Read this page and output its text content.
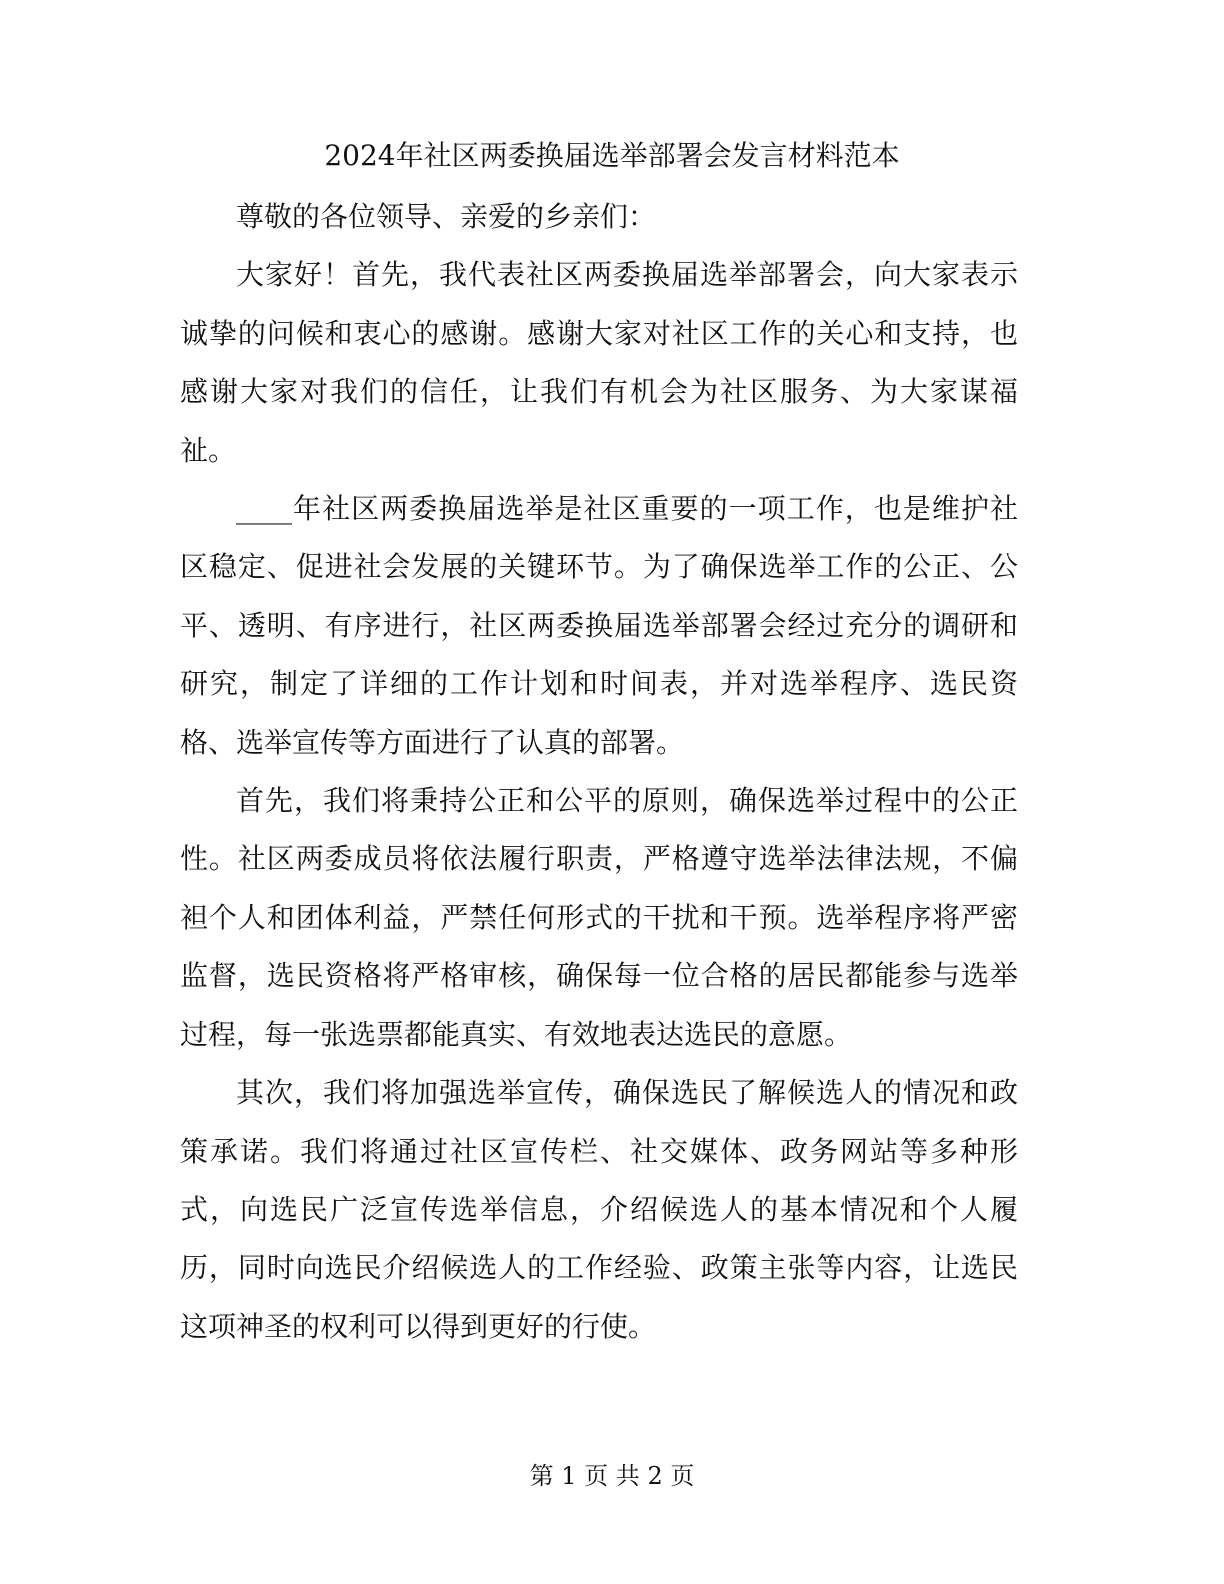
2024年社区两委换届选举部署会发言材料范本

尊敬的各位领导、亲爱的乡亲们：

大家好！首先，我代表社区两委换届选举部署会，向大家表示诚挚的问候和衷心的感谢。感谢大家对社区工作的关心和支持，也感谢大家对我们的信任，让我们有机会为社区服务、为大家谋福祉。

____年社区两委换届选举是社区重要的一项工作，也是维护社区稳定、促进社会发展的关键环节。为了确保选举工作的公正、公平、透明、有序进行，社区两委换届选举部署会经过充分的调研和研究，制定了详细的工作计划和时间表，并对选举程序、选民资格、选举宣传等方面进行了认真的部署。

首先，我们将秉持公正和公平的原则，确保选举过程中的公正性。社区两委成员将依法履行职责，严格遵守选举法律法规，不偏袒个人和团体利益，严禁任何形式的干扰和干预。选举程序将严密监督，选民资格将严格审核，确保每一位合格的居民都能参与选举过程，每一张选票都能真实、有效地表达选民的意愿。

其次，我们将加强选举宣传，确保选民了解候选人的情况和政策承诺。我们将通过社区宣传栏、社交媒体、政务网站等多种形式，向选民广泛宣传选举信息，介绍候选人的基本情况和个人履历，同时向选民介绍候选人的工作经验、政策主张等内容，让选民这项神圣的权利可以得到更好的行使。

第 1 页 共 2 页
